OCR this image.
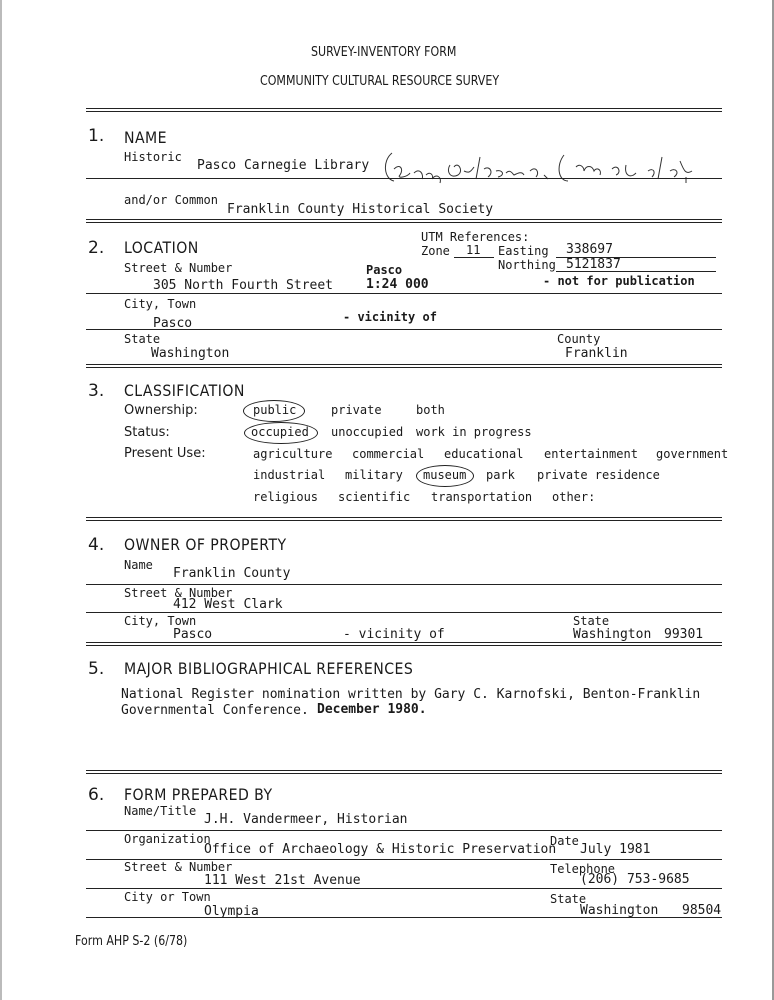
SURVEY-INVENTORY FORM
COMMUNITY CULTURAL RESOURCE SURVEY
1. NAME
Historic
Pasco Carnegie Library
and/or Common
Franklin County Historical Society
2. LOCATION
UTM References:
Zone 11 Easting 338697
Northing 5121837
Street & Number	Pasco
305 North Fourth Street	1:24 000	- not for publication
City, Town
Pasco	- vicinity of
State	County
Washington	Franklin
3. CLASSIFICATION
Ownership:	public	private	both
Status:	occupied unoccupied work in progress
Present Use:	agriculture commercial educational entertainment government
industrial military museum park private residence
religious scientific transportation other:
4. OWNER OF PROPERTY
Name
Franklin County
Street & Number
412 West Clark
City, Town	State
Pasco	- vicinity of	Washington 99301
5. MAJOR BIBLIOGRAPHICAL REFERENCES
National Register nomination written by Gary C. Karnofski, Benton-Franklin
Governmental Conference. December 1980.
6. FORM PREPARED BY
Name/Title
J.H. Vandermeer, Historian
Organization	Date
Office of Archaeology & Historic Preservation July 1981
Street & Number	Telephone
111 West 21st Avenue	(206) 753-9685
City or Town	State
Olympia	Washington 98504
Form AHP S-2 (6/78)
